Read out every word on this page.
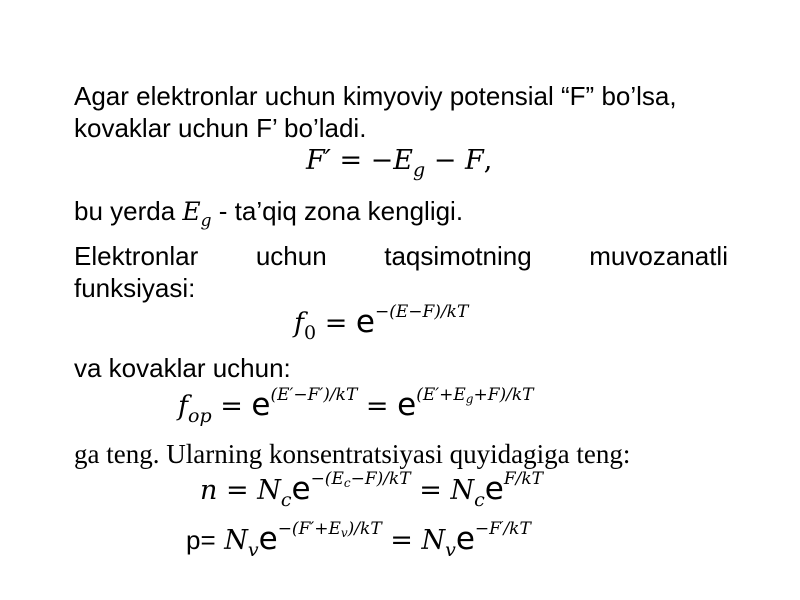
Agar elektronlar uchun kimyoviy potensial “F” bo’lsa,
kovaklar uchun F’ bo’ladi.

$F' = -E_g - F$,

bu yerda $E_g$ - ta’qiq zona kengligi.

Elektronlar uchun taqsimotning muvozanatli
funksiyasi:
$f_0 = e^{-(E-F)/kT}$

va kovaklar uchun:

$f_{op} = e^{(E'-F')/kT} = e^{(E'+E_g+F)/kT}$

ga teng. Ularning konsentratsiyasi quyidagiga teng:

$n = N_ce^{-(E_c-F)/kT} = N_ce^{F/kT}$
$p= N_ve^{-(F'+E_v)/kT} = N_ve^{-F'/kT}$
